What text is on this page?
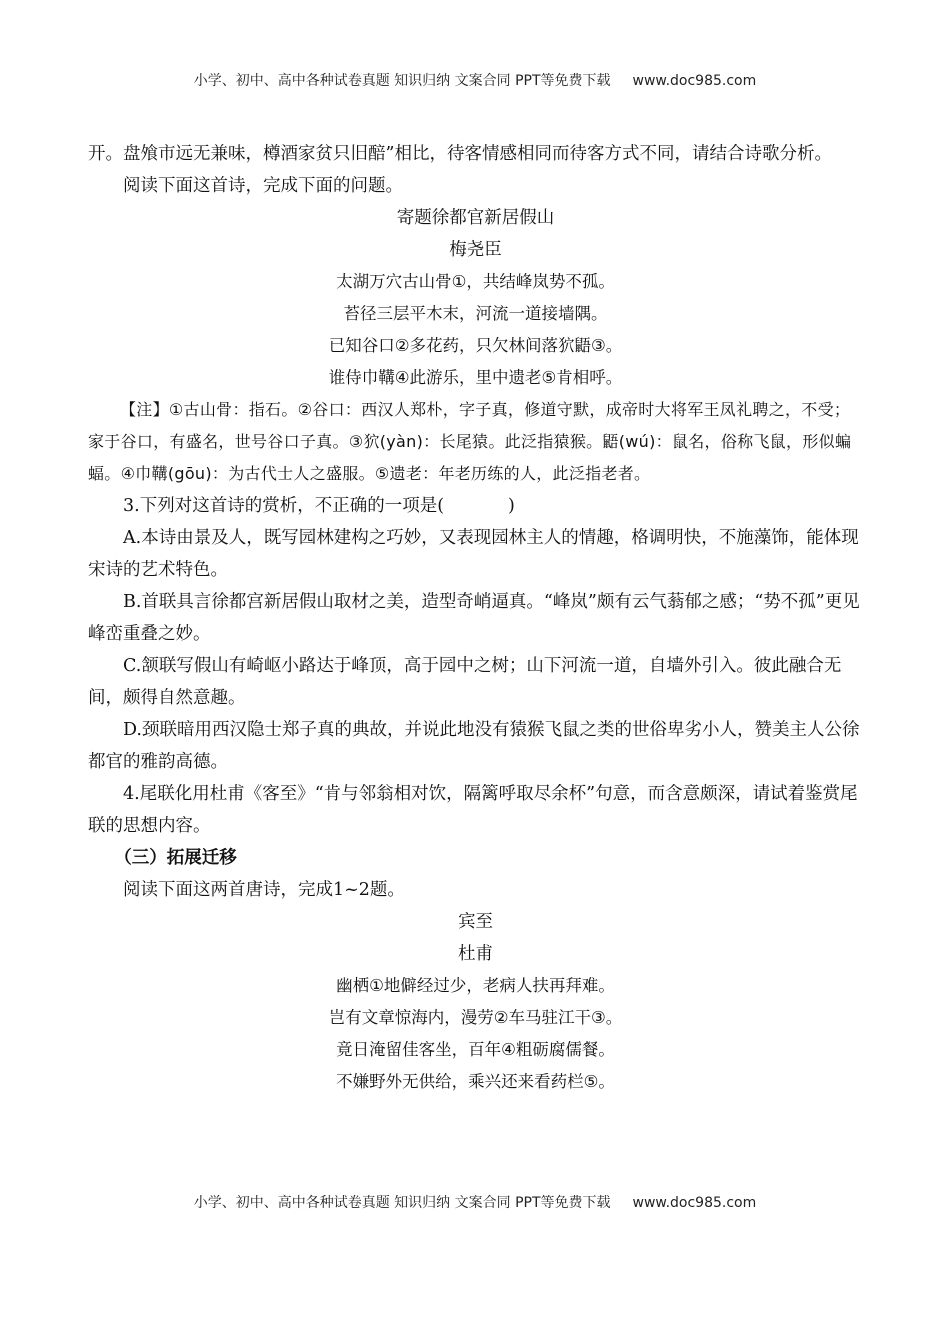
小学、初中、高中各种试卷真题 知识归纳 文案合同 PPT等免费下载 www.doc985.com

开。盘飧市远无兼味，樽酒家贫只旧醅”相比，待客情感相同而待客方式不同，请结合诗歌分析。

阅读下面这首诗，完成下面的问题。

寄题徐都官新居假山

梅尧臣

太湖万穴古山骨①，共结峰岚势不孤。

苔径三层平木末，河流一道接墙隅。

已知谷口②多花药，只欠林间落狖鼯③。

谁侍巾鞲④此游乐，里中遗老⑤肯相呼。

【注】①古山骨：指石。②谷口：西汉人郑朴，字子真，修道守默，成帝时大将军王凤礼聘之，不受；家于谷口，有盛名，世号谷口子真。③狖(yàn)：长尾猿。此泛指猿猴。鼯(wú)：鼠名，俗称飞鼠，形似蝙蝠。④巾鞲(gōu)：为古代士人之盛服。⑤遗老：年老历练的人，此泛指老者。

3.下列对这首诗的赏析，不正确的一项是(	)

A.本诗由景及人，既写园林建构之巧妙，又表现园林主人的情趣，格调明快，不施藻饰，能体现宋诗的艺术特色。

B.首联具言徐都宫新居假山取材之美，造型奇峭逼真。“峰岚”颇有云气蓊郁之感；“势不孤”更见峰峦重叠之妙。

C.颔联写假山有崎岖小路达于峰顶，高于园中之树；山下河流一道，自墙外引入。彼此融合无间，颇得自然意趣。

D.颈联暗用西汉隐士郑子真的典故，并说此地没有猿猴飞鼠之类的世俗卑劣小人，赞美主人公徐都官的雅韵高德。

4.尾联化用杜甫《客至》“肯与邻翁相对饮，隔篱呼取尽余杯”句意，而含意颇深，请试着鉴赏尾联的思想内容。

（三）拓展迁移

阅读下面这两首唐诗，完成1~2题。

宾至

杜甫

幽栖①地僻经过少，老病人扶再拜难。

岂有文章惊海内，漫劳②车马驻江干③。

竟日淹留佳客坐，百年④粗砺腐儒餐。

不嫌野外无供给，乘兴还来看药栏⑤。

小学、初中、高中各种试卷真题 知识归纳 文案合同 PPT等免费下载 www.doc985.com
